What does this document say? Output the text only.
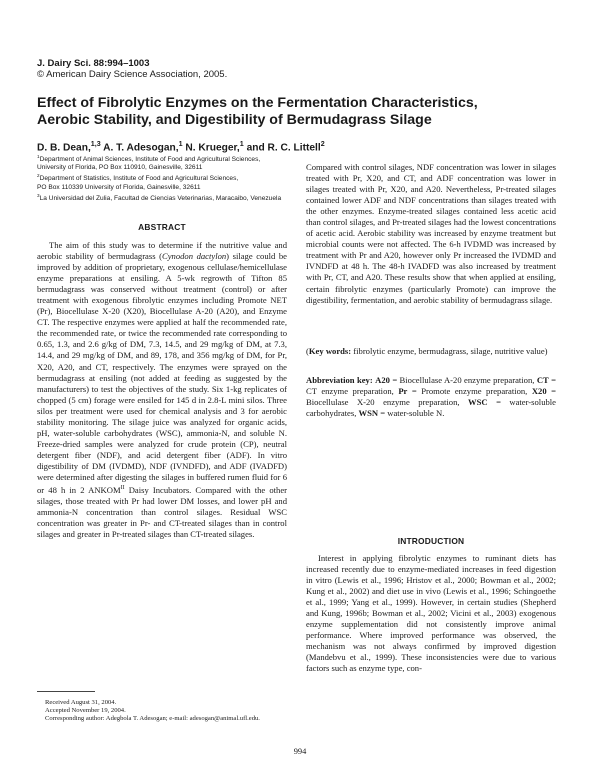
J. Dairy Sci. 88:994–1003
© American Dairy Science Association, 2005.
Effect of Fibrolytic Enzymes on the Fermentation Characteristics, Aerobic Stability, and Digestibility of Bermudagrass Silage
D. B. Dean,$^{1,3}$ A. T. Adesogan,$^1$ N. Krueger,$^1$ and R. C. Littell$^2$
$^1$Department of Animal Sciences, Institute of Food and Agricultural Sciences,
University of Florida, PO Box 110910, Gainesville, 32611
$^2$Department of Statistics, Institute of Food and Agricultural Sciences,
PO Box 110339 University of Florida, Gainesville, 32611
$^3$La Universidad del Zulia, Facultad de Ciencias Veterinarias, Maracaibo, Venezuela
ABSTRACT

The aim of this study was to determine if the nutritive value and aerobic stability of bermudagrass (Cynodon dactylon) silage could be improved by addition of proprietary, exogenous cellulase/hemicellulase enzyme preparations at ensiling. A 5-wk regrowth of Tifton 85 bermudagrass was conserved without treatment (control) or after treatment with exogenous fibrolytic enzymes including Promote NET (Pr), Biocellulase X-20 (X20), Biocellulase A-20 (A20), and Enzyme CT. The respective enzymes were applied at half the recommended rate, the recommended rate, or twice the recommended rate corresponding to 0.65, 1.3, and 2.6 g/kg of DM, 7.3, 14.5, and 29 mg/kg of DM, at 7.3, 14.4, and 29 mg/kg of DM, and 89, 178, and 356 mg/kg of DM, for Pr, X20, A20, and CT, respectively. The enzymes were sprayed on the bermudagrass at ensiling (not added at feeding as suggested by the manufacturers) to test the objectives of the study. Six 1-kg replicates of chopped (5 cm) forage were ensiled for 145 d in 2.8-L mini silos. Three silos per treatment were used for chemical analysis and 3 for aerobic stability monitoring. The silage juice was analyzed for organic acids, pH, water-soluble carbohydrates (WSC), ammonia-N, and soluble N. Freeze-dried samples were analyzed for crude protein (CP), neutral detergent fiber (NDF), and acid detergent fiber (ADF). In vitro digestibility of DM (IVDMD), NDF (IVNDFD), and ADF (IVADFD) were determined after digesting the silages in buffered rumen fluid for 6 or 48 h in 2 $ANKOM^{II}$ Daisy Incubators. Compared with the other silages, those treated with Pr had lower DM losses, and lower pH and ammonia-N concentration than control silages. Residual WSC concentration was greater in Pr- and CT-treated silages than in control silages and greater in Pr-treated silages than CT-treated silages.

Compared with control silages, NDF concentration was lower in silages treated with Pr, X20, and CT, and ADF concentration was lower in silages treated with Pr, X20, and A20. Nevertheless, Pr-treated silages contained lower ADF and NDF concentrations than silages treated with the other enzymes. Enzyme-treated silages contained less acetic acid than control silages, and Pr-treated silages had the lowest concentrations of acetic acid. Aerobic stability was increased by enzyme treatment but microbial counts were not affected. The 6-h IVDMD was increased by treatment with Pr and A20, however only Pr increased the IVDMD and IVNDFD at 48 h. The 48-h IVADFD was also increased by treatment with Pr, CT, and A20. These results show that when applied at ensiling, certain fibrolytic enzymes (particularly Promote) can improve the digestibility, fermentation, and aerobic stability of bermudagrass silage.

(Key words: fibrolytic enzyme, bermudagrass, silage, nutritive value)

Abbreviation key: A20 = Biocellulase A-20 enzyme preparation, CT = CT enzyme preparation, Pr = Promote enzyme preparation, X20 = Biocellulase X-20 enzyme preparation, WSC = water-soluble carbohydrates, WSN = water-soluble N.

INTRODUCTION

Interest in applying fibrolytic enzymes to ruminant diets has increased recently due to enzyme-mediated increases in feed digestion in vitro (Lewis et al., 1996; Hristov et al., 2000; Bowman et al., 2002; Kung et al., 2002) and diet use in vivo (Lewis et al., 1996; Schingoethe et al., 1999; Yang et al., 1999). However, in certain studies (Shepherd and Kung, 1996b; Bowman et al., 2002; Vicini et al., 2003) exogenous enzyme supplementation did not consistently improve animal performance. Where improved performance was observed, the mechanism was not always confirmed by improved digestion (Mandebvu et al., 1999). These inconsistencies were due to various factors such as enzyme type, con-

Received August 31, 2004.
Accepted November 19, 2004.
Corresponding author: Adegbola T. Adesogan; e-mail: adesogan@animal.ufl.edu.
994
